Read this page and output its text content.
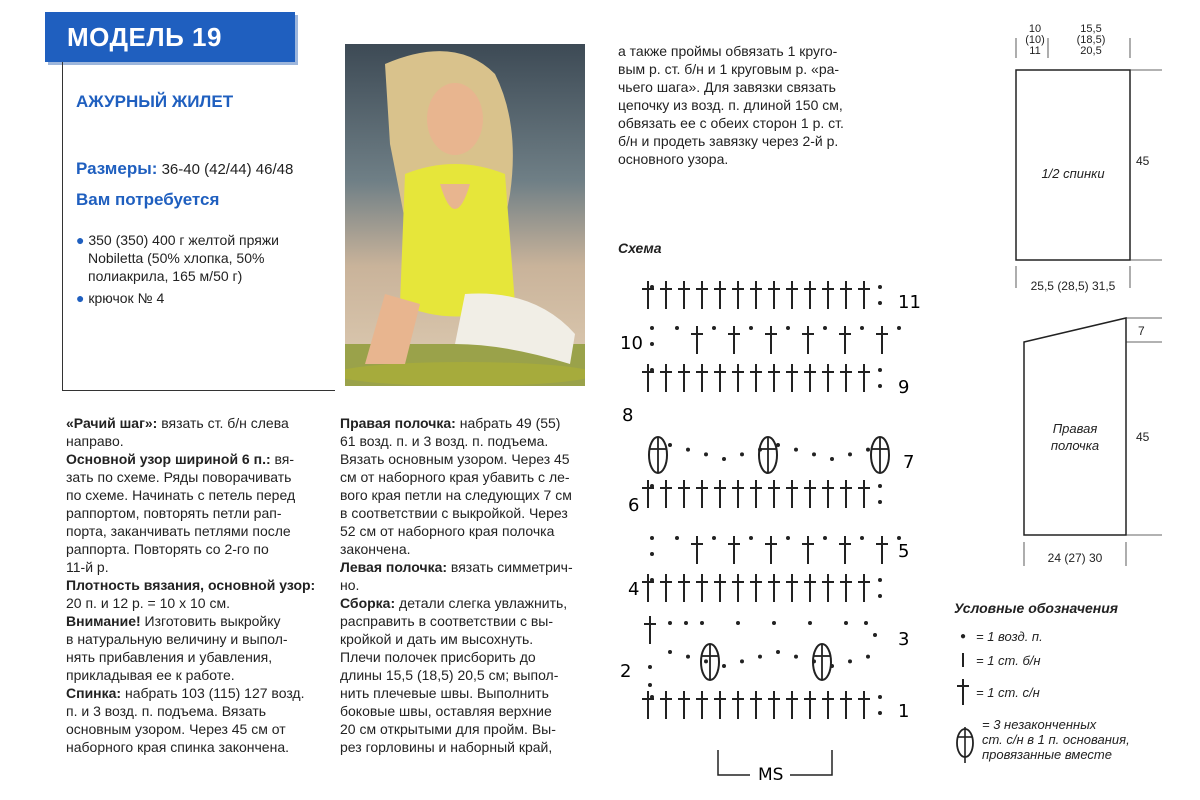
МОДЕЛЬ 19
АЖУРНЫЙ ЖИЛЕТ
Размеры: 36-40 (42/44) 46/48
Вам потребуется
● 350 (350) 400 г желтой пряжи
Nobiletta (50% хлопка, 50%
полиакрила, 165 м/50 г)
● крючок № 4

«Рачий шаг»: вязать ст. б/н слева

направо.

Основной узор шириной 6 п.: вя-

зать по схеме. Ряды поворачивать

по схеме. Начинать с петель перед

раппортом, повторять петли рап-

порта, заканчивать петлями после

раппорта. Повторять со 2-го по

11-й р.

Плотность вязания, основной узор:

20 п. и 12 р. = 10 х 10 см.

Внимание! Изготовить выкройку

в натуральную величину и выпол-

нять прибавления и убавления,

прикладывая ее к работе.

Спинка: набрать 103 (115) 127 возд.

п. и 3 возд. п. подъема. Вязать

основным узором. Через 45 см от

наборного края спинка закончена.

Правая полочка: набрать 49 (55)

61 возд. п. и 3 возд. п. подъема.

Вязать основным узором. Через 45

см от наборного края убавить с ле-

вого края петли на следующих 7 см

в соответствии с выкройкой. Через

52 см от наборного края полочка

закончена.

Левая полочка: вязать симметрич-

но.

Сборка: детали слегка увлажнить,

расправить в соответствии с вы-

кройкой и дать им высохнуть.

Плечи полочек присборить до

длины 15,5 (18,5) 20,5 см; выпол-

нить плечевые швы. Выполнить

боковые швы, оставляя верхние

20 см открытыми для пройм. Вы-

рез горловины и наборный край,

а также проймы обвязать 1 круго-

вым р. ст. б/н и 1 круговым р. «ра-

чьего шага». Для завязки связать

цепочку из возд. п. длиной 150 см,

обвязать ее с обеих сторон 1 р. ст.

б/н и продеть завязку через 2-й р.

основного узора.

Схема
1
2
3
4
5
6
7
8
9
10
11
MS
10
(10)
11
15,5
(18,5)
20,5
1/2 спинки
45
25,5 (28,5) 31,5
Правая
полочка
7
45
24 (27) 30
Условные обозначения
● = 1 возд. п.
= 1 ст. б/н
= 1 ст. с/н
= 3 незаконченных
ст. с/н в 1 п. основания,
провязанные вместе
